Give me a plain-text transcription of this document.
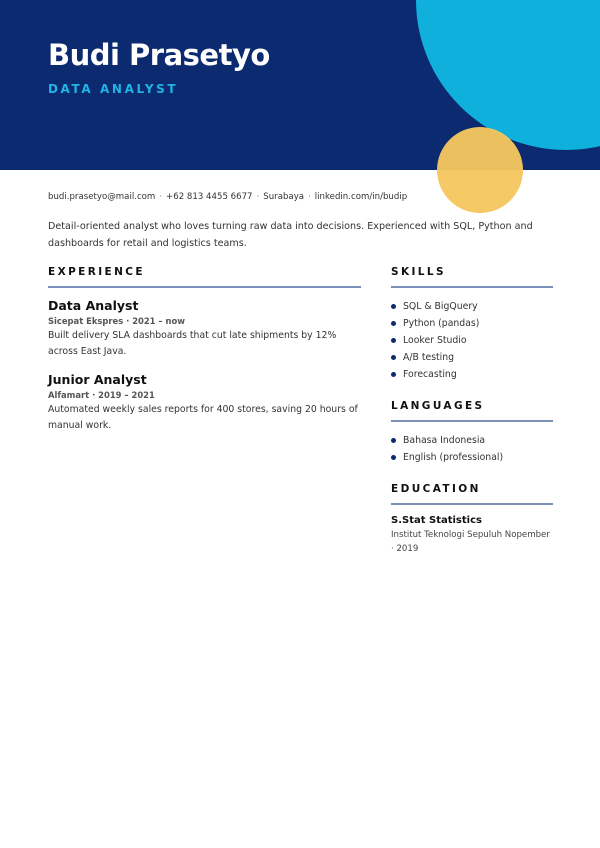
Budi Prasetyo
DATA ANALYST
budi.prasetyo@mail.com · +62 813 4455 6677 · Surabaya · linkedin.com/in/budip
Detail-oriented analyst who loves turning raw data into decisions. Experienced with SQL, Python and dashboards for retail and logistics teams.
EXPERIENCE
Data Analyst
Sicepat Ekspres · 2021 – now
Built delivery SLA dashboards that cut late shipments by 12% across East Java.
Junior Analyst
Alfamart · 2019 – 2021
Automated weekly sales reports for 400 stores, saving 20 hours of manual work.
SKILLS
SQL & BigQuery
Python (pandas)
Looker Studio
A/B testing
Forecasting
LANGUAGES
Bahasa Indonesia
English (professional)
EDUCATION
S.Stat Statistics
Institut Teknologi Sepuluh Nopember · 2019
